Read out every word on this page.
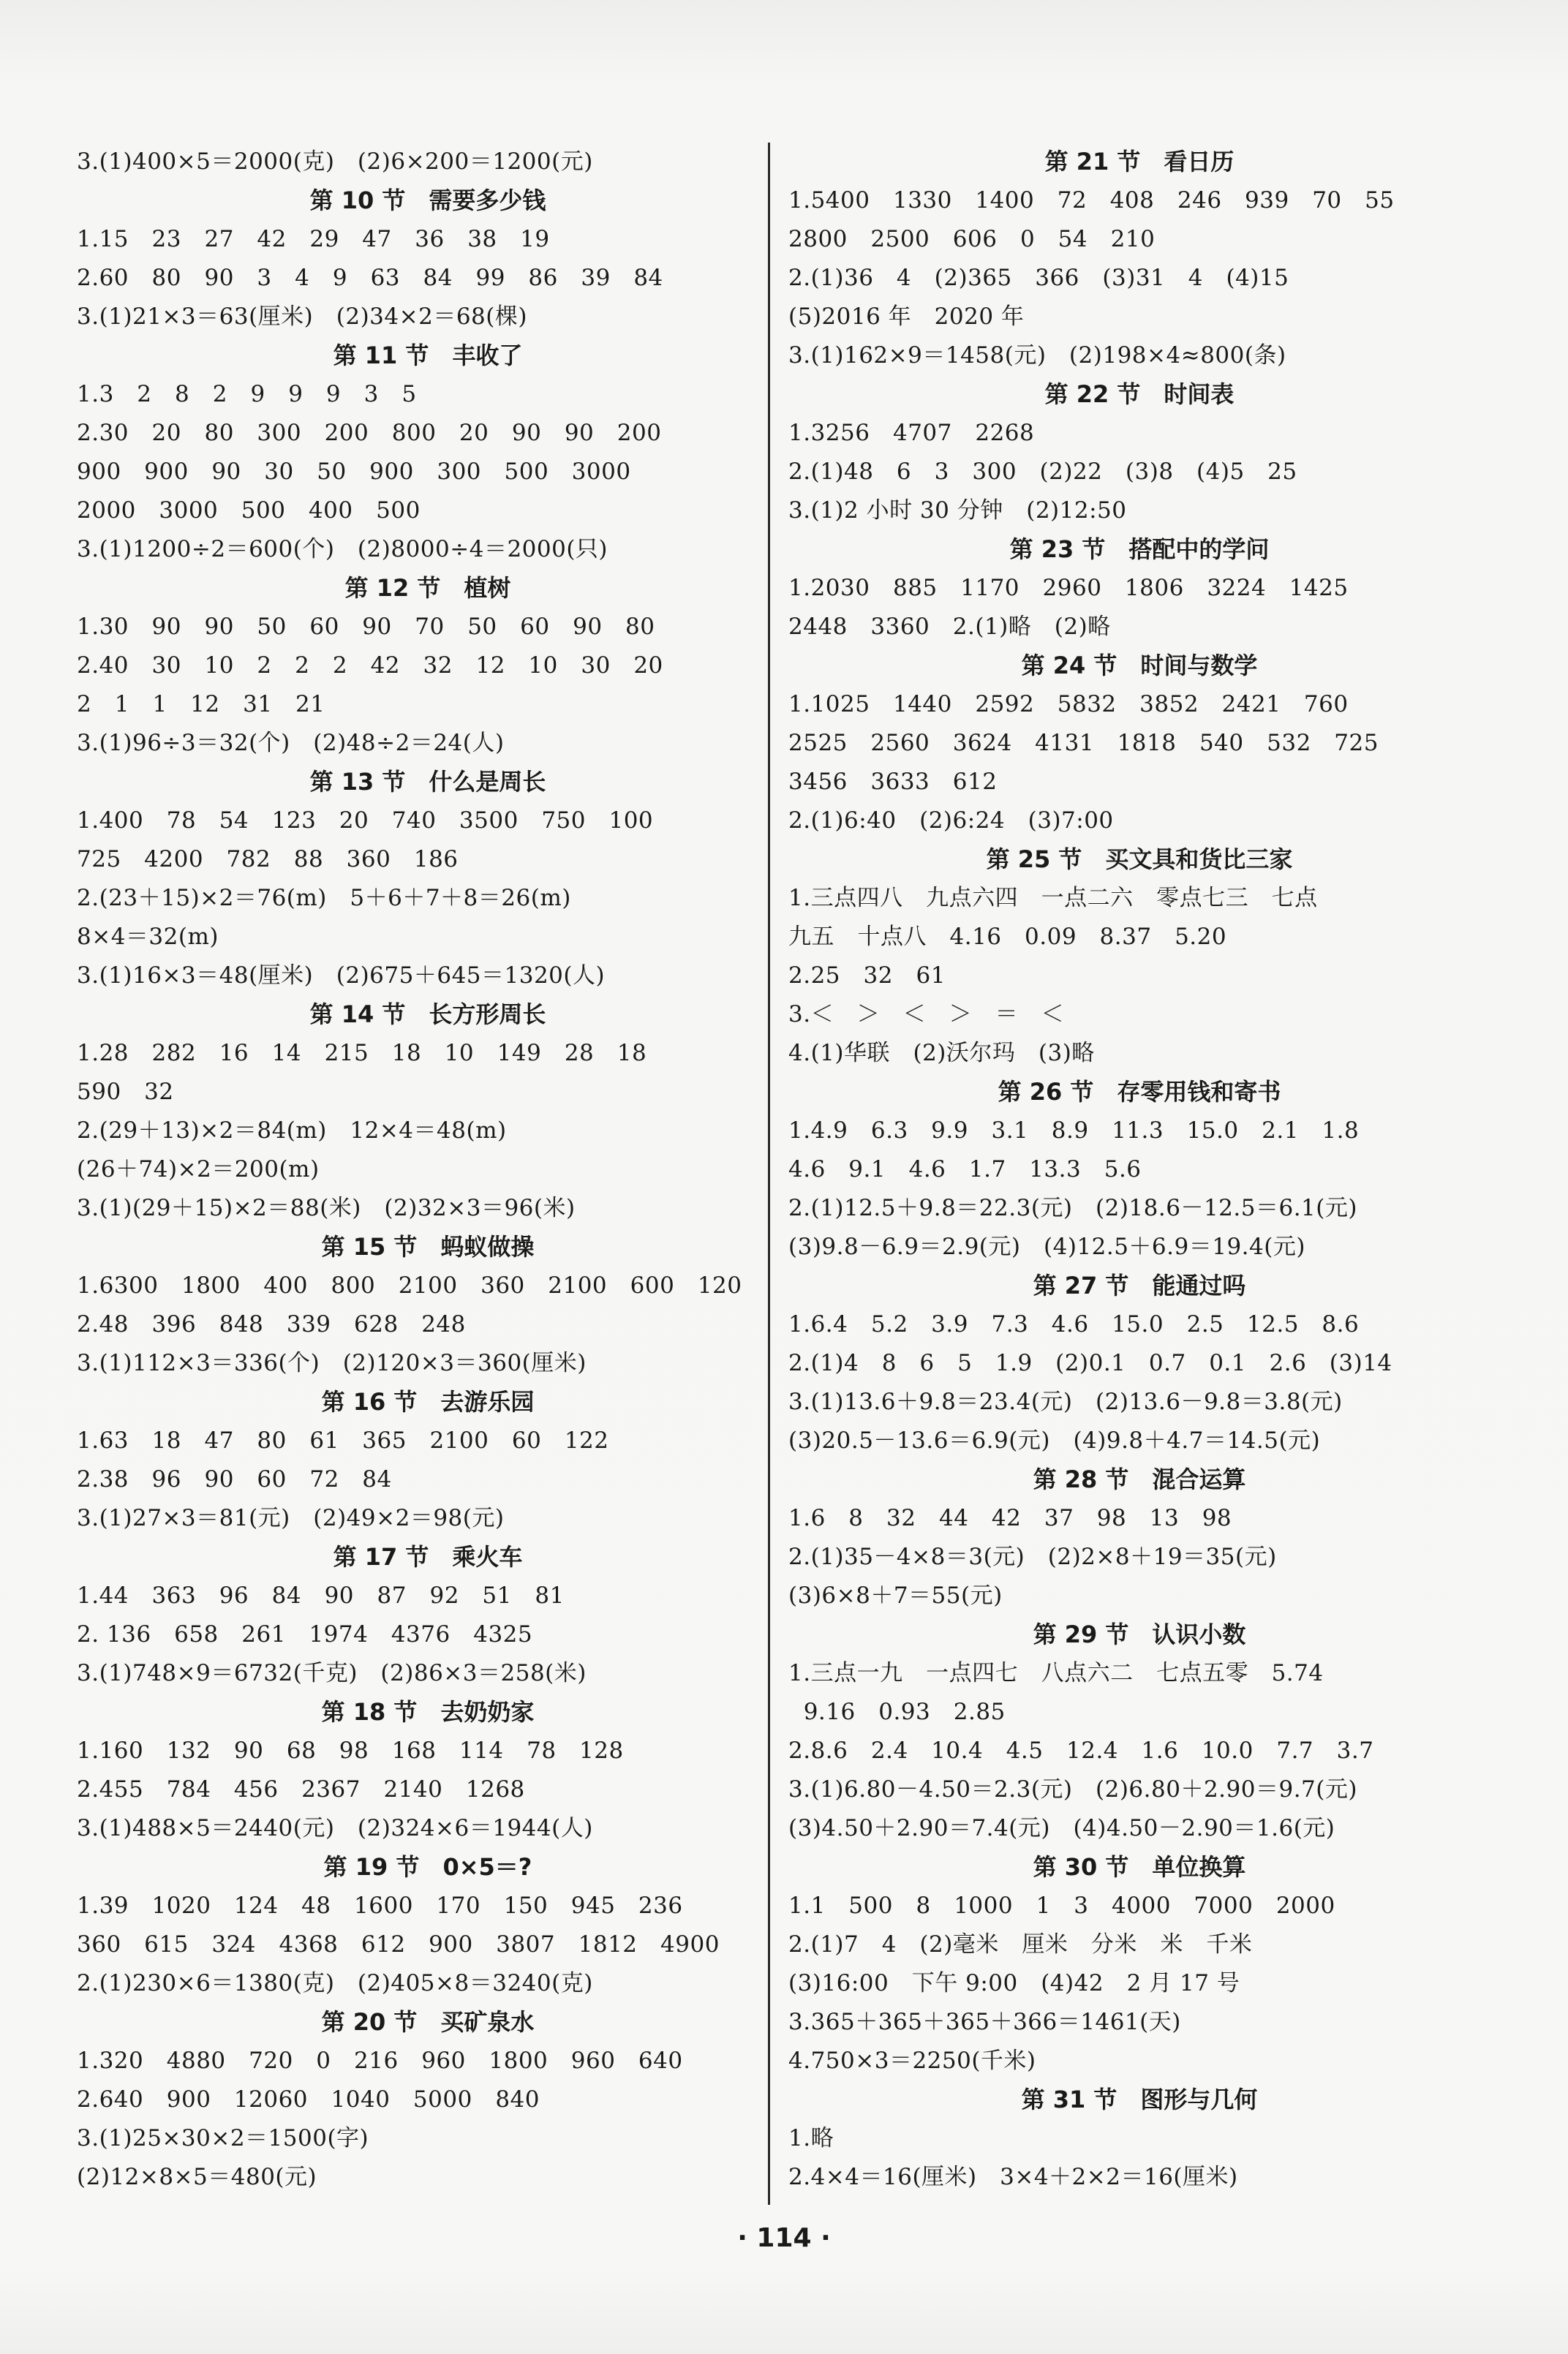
3.(1)400×5＝2000(克)　(2)6×200＝1200(元)
第 10 节　需要多少钱
1.15　23　27　42　29　47　36　38　19
2.60　80　90　3　4　9　63　84　99　86　39　84
3.(1)21×3＝63(厘米)　(2)34×2＝68(棵)
第 11 节　丰收了
1.3　2　8　2　9　9　9　3　5
2.30　20　80　300　200　800　20　90　90　200
900　900　90　30　50　900　300　500　3000
2000　3000　500　400　500
3.(1)1200÷2＝600(个)　(2)8000÷4＝2000(只)
第 12 节　植树
1.30　90　90　50　60　90　70　50　60　90　80
2.40　30　10　2　2　2　42　32　12　10　30　20
2　1　1　12　31　21
3.(1)96÷3＝32(个)　(2)48÷2＝24(人)
第 13 节　什么是周长
1.400　78　54　123　20　740　3500　750　100
725　4200　782　88　360　186
2.(23＋15)×2＝76(m)　5＋6＋7＋8＝26(m)
8×4＝32(m)
3.(1)16×3＝48(厘米)　(2)675＋645＝1320(人)
第 14 节　长方形周长
1.28　282　16　14　215　18　10　149　28　18
590　32
2.(29＋13)×2＝84(m)　12×4＝48(m)
(26＋74)×2＝200(m)
3.(1)(29＋15)×2＝88(米)　(2)32×3＝96(米)
第 15 节　蚂蚁做操
1.6300　1800　400　800　2100　360　2100　600　120
2.48　396　848　339　628　248
3.(1)112×3＝336(个)　(2)120×3＝360(厘米)
第 16 节　去游乐园
1.63　18　47　80　61　365　2100　60　122
2.38　96　90　60　72　84
3.(1)27×3＝81(元)　(2)49×2＝98(元)
第 17 节　乘火车
1.44　363　96　84　90　87　92　51　81
2. 136　658　261　1974　4376　4325
3.(1)748×9＝6732(千克)　(2)86×3＝258(米)
第 18 节　去奶奶家
1.160　132　90　68　98　168　114　78　128
2.455　784　456　2367　2140　1268
3.(1)488×5＝2440(元)　(2)324×6＝1944(人)
第 19 节　0×5＝?
1.39　1020　124　48　1600　170　150　945　236
360　615　324　4368　612　900　3807　1812　4900
2.(1)230×6＝1380(克)　(2)405×8＝3240(克)
第 20 节　买矿泉水
1.320　4880　720　0　216　960　1800　960　640
2.640　900　12060　1040　5000　840
3.(1)25×30×2＝1500(字)
(2)12×8×5＝480(元)
第 21 节　看日历
1.5400　1330　1400　72　408　246　939　70　55
2800　2500　606　0　54　210
2.(1)36　4　(2)365　366　(3)31　4　(4)15
(5)2016 年　2020 年
3.(1)162×9＝1458(元)　(2)198×4≈800(条)
第 22 节　时间表
1.3256　4707　2268
2.(1)48　6　3　300　(2)22　(3)8　(4)5　25
3.(1)2 小时 30 分钟　(2)12:50
第 23 节　搭配中的学问
1.2030　885　1170　2960　1806　3224　1425
2448　3360　2.(1)略　(2)略
第 24 节　时间与数学
1.1025　1440　2592　5832　3852　2421　760
2525　2560　3624　4131　1818　540　532　725
3456　3633　612
2.(1)6:40　(2)6:24　(3)7:00
第 25 节　买文具和货比三家
1.三点四八　九点六四　一点二六　零点七三　七点
九五　十点八　4.16　0.09　8.37　5.20
2.25　32　61
3.＜　＞　＜　＞　＝　＜
4.(1)华联　(2)沃尔玛　(3)略
第 26 节　存零用钱和寄书
1.4.9　6.3　9.9　3.1　8.9　11.3　15.0　2.1　1.8
4.6　9.1　4.6　1.7　13.3　5.6
2.(1)12.5＋9.8＝22.3(元)　(2)18.6－12.5＝6.1(元)
(3)9.8－6.9＝2.9(元)　(4)12.5＋6.9＝19.4(元)
第 27 节　能通过吗
1.6.4　5.2　3.9　7.3　4.6　15.0　2.5　12.5　8.6
2.(1)4　8　6　5　1.9　(2)0.1　0.7　0.1　2.6　(3)14
3.(1)13.6＋9.8＝23.4(元)　(2)13.6－9.8＝3.8(元)
(3)20.5－13.6＝6.9(元)　(4)9.8＋4.7＝14.5(元)
第 28 节　混合运算
1.6　8　32　44　42　37　98　13　98
2.(1)35－4×8＝3(元)　(2)2×8＋19＝35(元)
(3)6×8＋7＝55(元)
第 29 节　认识小数
1.三点一九　一点四七　八点六二　七点五零　5.74
9.16　0.93　2.85
2.8.6　2.4　10.4　4.5　12.4　1.6　10.0　7.7　3.7
3.(1)6.80－4.50＝2.3(元)　(2)6.80＋2.90＝9.7(元)
(3)4.50＋2.90＝7.4(元)　(4)4.50－2.90＝1.6(元)
第 30 节　单位换算
1.1　500　8　1000　1　3　4000　7000　2000
2.(1)7　4　(2)毫米　厘米　分米　米　千米
(3)16:00　下午 9:00　(4)42　2 月 17 号
3.365＋365＋365＋366＝1461(天)
4.750×3＝2250(千米)
第 31 节　图形与几何
1.略
2.4×4＝16(厘米)　3×4＋2×2＝16(厘米)
· 114 ·
